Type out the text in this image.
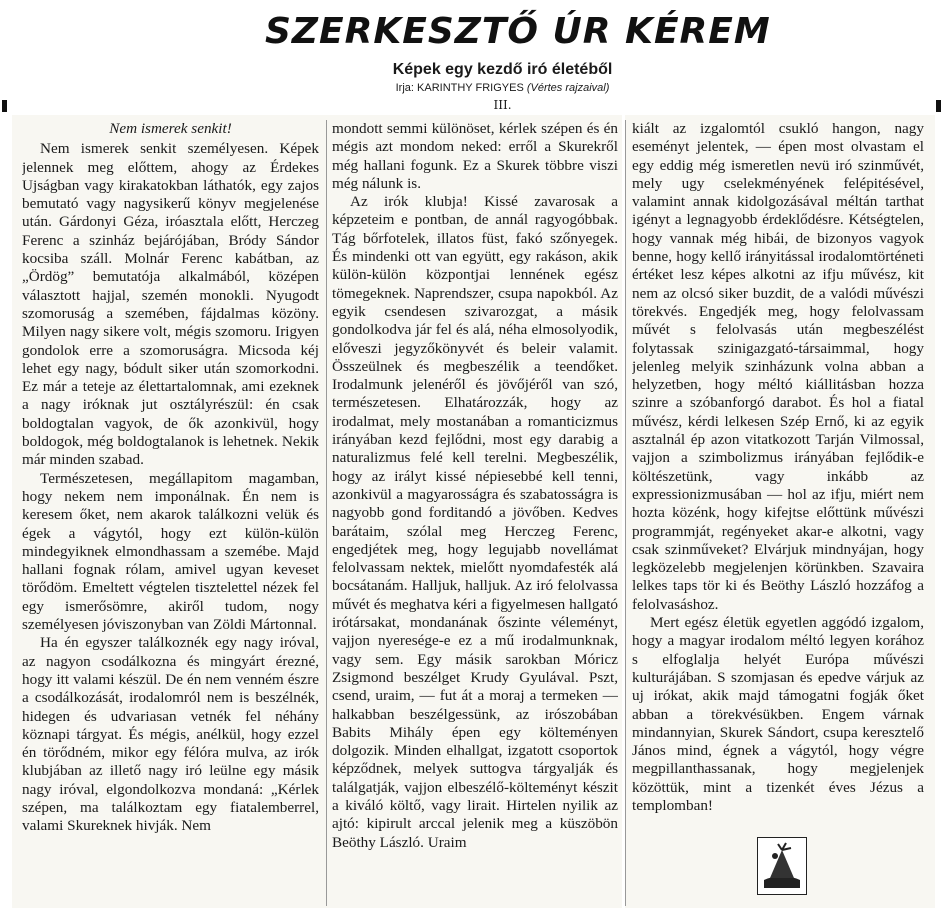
SZERKESZTŐ ÚR KÉREM
Képek egy kezdő iró életéből
Irja: KARINTHY FRIGYES (Vértes rajzaival)
III.

Nem ismerek senkit!

Nem ismerek senkit személyesen. Képek jelennek meg előttem, ahogy az Érdekes Ujságban vagy kirakatokban láthatók, egy zajos bemutató vagy nagysikerű könyv megjelenése után. Gárdonyi Géza, iróasztala előtt, Herczeg Ferenc a szinház bejárójában, Bródy Sándor kocsiba száll. Molnár Ferenc kabátban, az „Ördög” bemutatója alkalmából, középen választott hajjal, szemén monokli. Nyugodt szomoruság a szemében, fájdalmas közöny. Milyen nagy sikere volt, mégis szomoru. Irigyen gondolok erre a szomoruságra. Micsoda kéj lehet egy nagy, bódult siker után szomorkodni. Ez már a teteje az élettartalomnak, ami ezeknek a nagy iróknak jut osztályrészül: én csak boldogtalan vagyok, de ők azonkivül, hogy boldogok, még boldogtalanok is lehetnek. Nekik már minden szabad.

Természetesen, megállapitom magamban, hogy nekem nem imponálnak. Én nem is keresem őket, nem akarok találkozni velük és égek a vágytól, hogy ezt külön-külön mindegyiknek elmondhassam a szemébe. Majd hallani fognak rólam, amivel ugyan keveset törődöm. Emeltett végtelen tisztelettel nézek fel egy ismerősömre, akiről tudom, nogy személyesen jóviszonyban van Zöldi Mártonnal.

Ha én egyszer találkoznék egy nagy iróval, az nagyon csodálkozna és mingyárt érezné, hogy itt valami készül. De én nem venném észre a csodálkozását, irodalomról nem is beszélnék, hidegen és udvariasan vetnék fel néhány köznapi tárgyat. És mégis, anélkül, hogy ezzel én törődném, mikor egy félóra mulva, az irók klubjában az illető nagy iró leülne egy másik nagy iróval, elgondolkozva mondaná: „Kérlek szépen, ma találkoztam egy fiatalemberrel, valami Skureknek hivják. Nem

mondott semmi különöset, kérlek szépen és én mégis azt mondom neked: erről a Skurekről még hallani fogunk. Ez a Skurek többre viszi még nálunk is.

Az irók klubja! Kissé zavarosak a képzeteim e pontban, de annál ragyogóbbak. Tág bőrfotelek, illatos füst, fakó szőnyegek. És mindenki ott van együtt, egy rakáson, akik külön-külön központjai lennének egész tömegeknek. Naprendszer, csupa napokból. Az egyik csendesen szivarozgat, a másik gondolkodva jár fel és alá, néha elmosolyodik, előveszi jegyzőkönyvét és beleir valamit. Összeülnek és megbeszélik a teendőket. Irodalmunk jelenéről és jövőjéről van szó, természetesen. Elhatározzák, hogy az irodalmat, mely mostanában a romanticizmus irányában kezd fejlődni, most egy darabig a naturalizmus felé kell terelni. Megbeszélik, hogy az irályt kissé népiesebbé kell tenni, azonkivül a magyarosságra és szabatosságra is nagyobb gond forditandó a jövőben. Kedves barátaim, szólal meg Herczeg Ferenc, engedjétek meg, hogy legujabb novellámat felolvassam nektek, mielőtt nyomdafesték alá bocsátanám. Halljuk, halljuk. Az iró felolvassa művét és meghatva kéri a figyelmesen hallgató irótársakat, mondanának őszinte véleményt, vajjon nyeresége-e ez a mű irodalmunknak, vagy sem. Egy másik sarokban Móricz Zsigmond beszélget Krudy Gyulával. Pszt, csend, uraim, — fut át a moraj a termeken — halkabban beszélgessünk, az irószobában Babits Mihály épen egy költeményen dolgozik. Minden elhallgat, izgatott csoportok képződnek, melyek suttogva tárgyalják és találgatják, vajjon elbeszélő-költeményt készit a kiváló költő, vagy lirait. Hirtelen nyilik az ajtó: kipirult arccal jelenik meg a küszöbön Beöthy László. Uraim

kiált az izgalomtól csukló hangon, nagy eseményt jelentek, — épen most olvastam el egy eddig még ismeretlen nevü iró szinművét, mely ugy cselekményének felépitésével, valamint annak kidolgozásával méltán tarthat igényt a legnagyobb érdeklődésre. Kétségtelen, hogy vannak még hibái, de bizonyos vagyok benne, hogy kellő irányitással irodalomtörténeti értéket lesz képes alkotni az ifju művész, kit nem az olcsó siker buzdit, de a valódi művészi törekvés. Engedjék meg, hogy felolvassam művét s felolvasás után megbeszélést folytassak szinigazgató-társaimmal, hogy jelenleg melyik szinházunk volna abban a helyzetben, hogy méltó kiállitásban hozza szinre a szóbanforgó darabot. És hol a fiatal művész, kérdi lelkesen Szép Ernő, ki az egyik asztalnál ép azon vitatkozott Tarján Vilmossal, vajjon a szimbolizmus irányában fejlődik-e költészetünk, vagy inkább az expressionizmusában — hol az ifju, miért nem hozta közénk, hogy kifejtse előttünk művészi programmját, regényeket akar-e alkotni, vagy csak szinműveket? Elvárjuk mindnyájan, hogy legközelebb megjelenjen körünkben. Szavaira lelkes taps tör ki és Beöthy László hozzáfog a felolvasáshoz.

Mert egész életük egyetlen aggódó izgalom, hogy a magyar irodalom méltó legyen korához s elfoglalja helyét Európa művészi kulturájában. S szomjasan és epedve várjuk az uj irókat, akik majd támogatni fogják őket abban a törekvésükben. Engem várnak mindannyian, Skurek Sándort, csupa keresztelő János mind, égnek a vágytól, hogy végre megpillanthassanak, hogy megjelenjek közöttük, mint a tizenkét éves Jézus a templomban!
